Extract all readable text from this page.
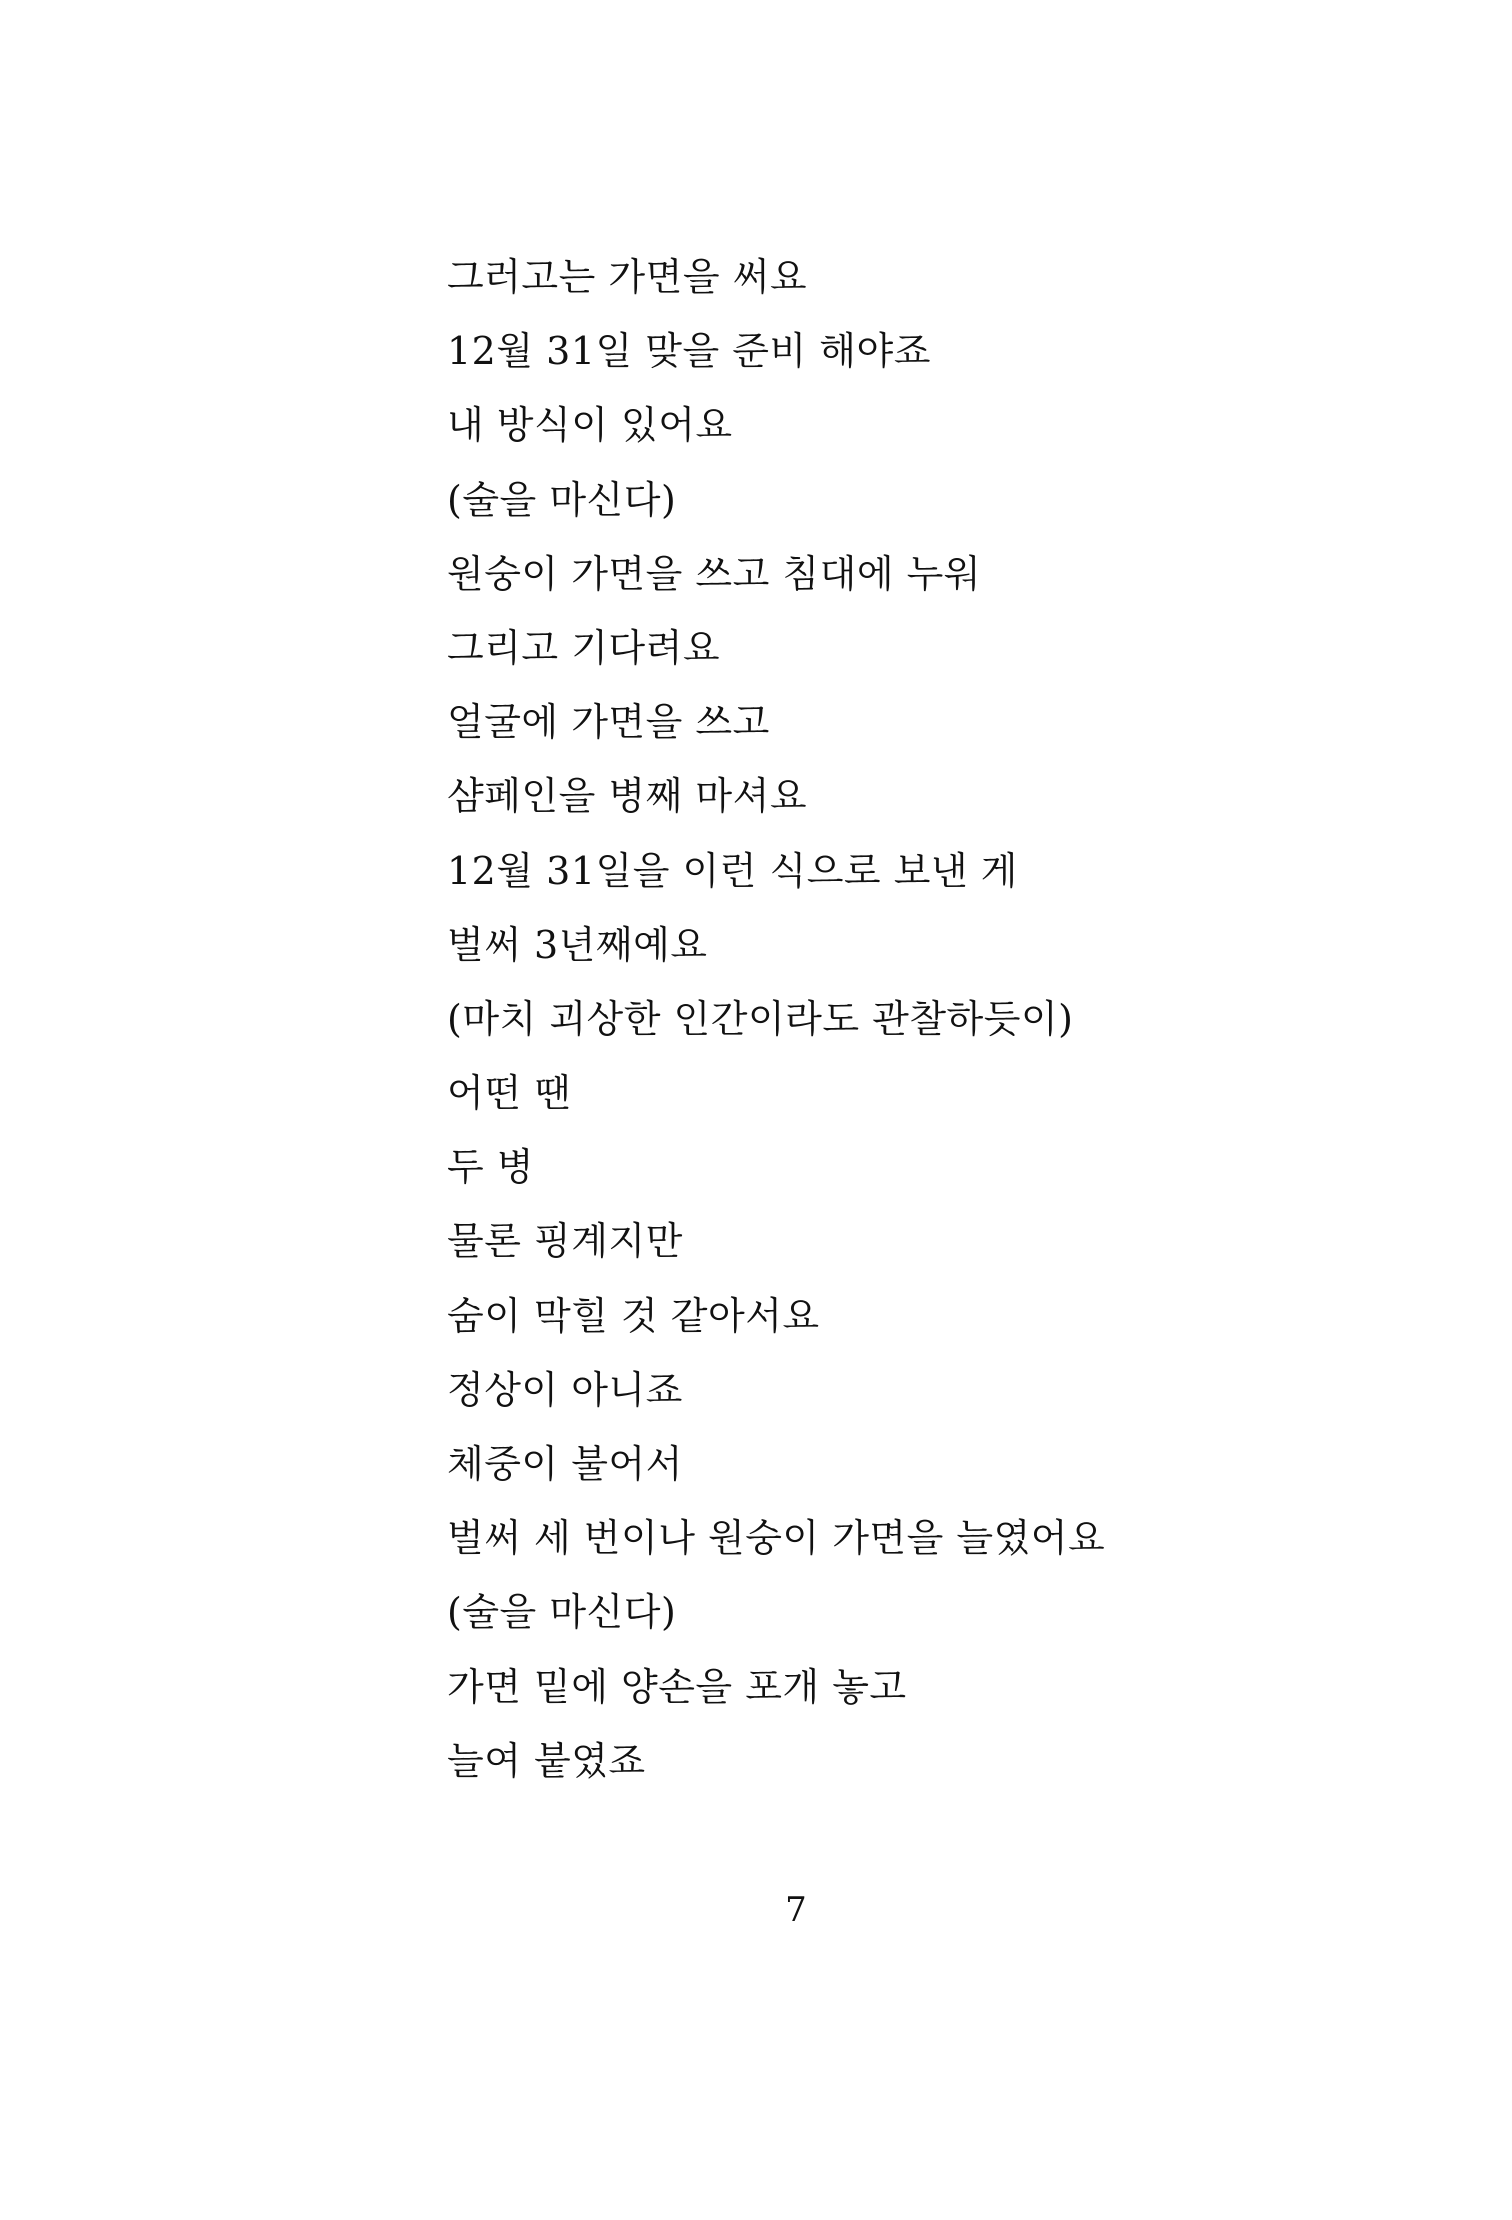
그러고는 가면을 써요
12월 31일 맞을 준비 해야죠
내 방식이 있어요
(술을 마신다)
원숭이 가면을 쓰고 침대에 누워
그리고 기다려요
얼굴에 가면을 쓰고
샴페인을 병째 마셔요
12월 31일을 이런 식으로 보낸 게
벌써 3년째예요
(마치 괴상한 인간이라도 관찰하듯이)
어떤 땐
두 병
물론 핑계지만
숨이 막힐 것 같아서요
정상이 아니죠
체중이 불어서
벌써 세 번이나 원숭이 가면을 늘였어요
(술을 마신다)
가면 밑에 양손을 포개 놓고
늘여 붙였죠
7
